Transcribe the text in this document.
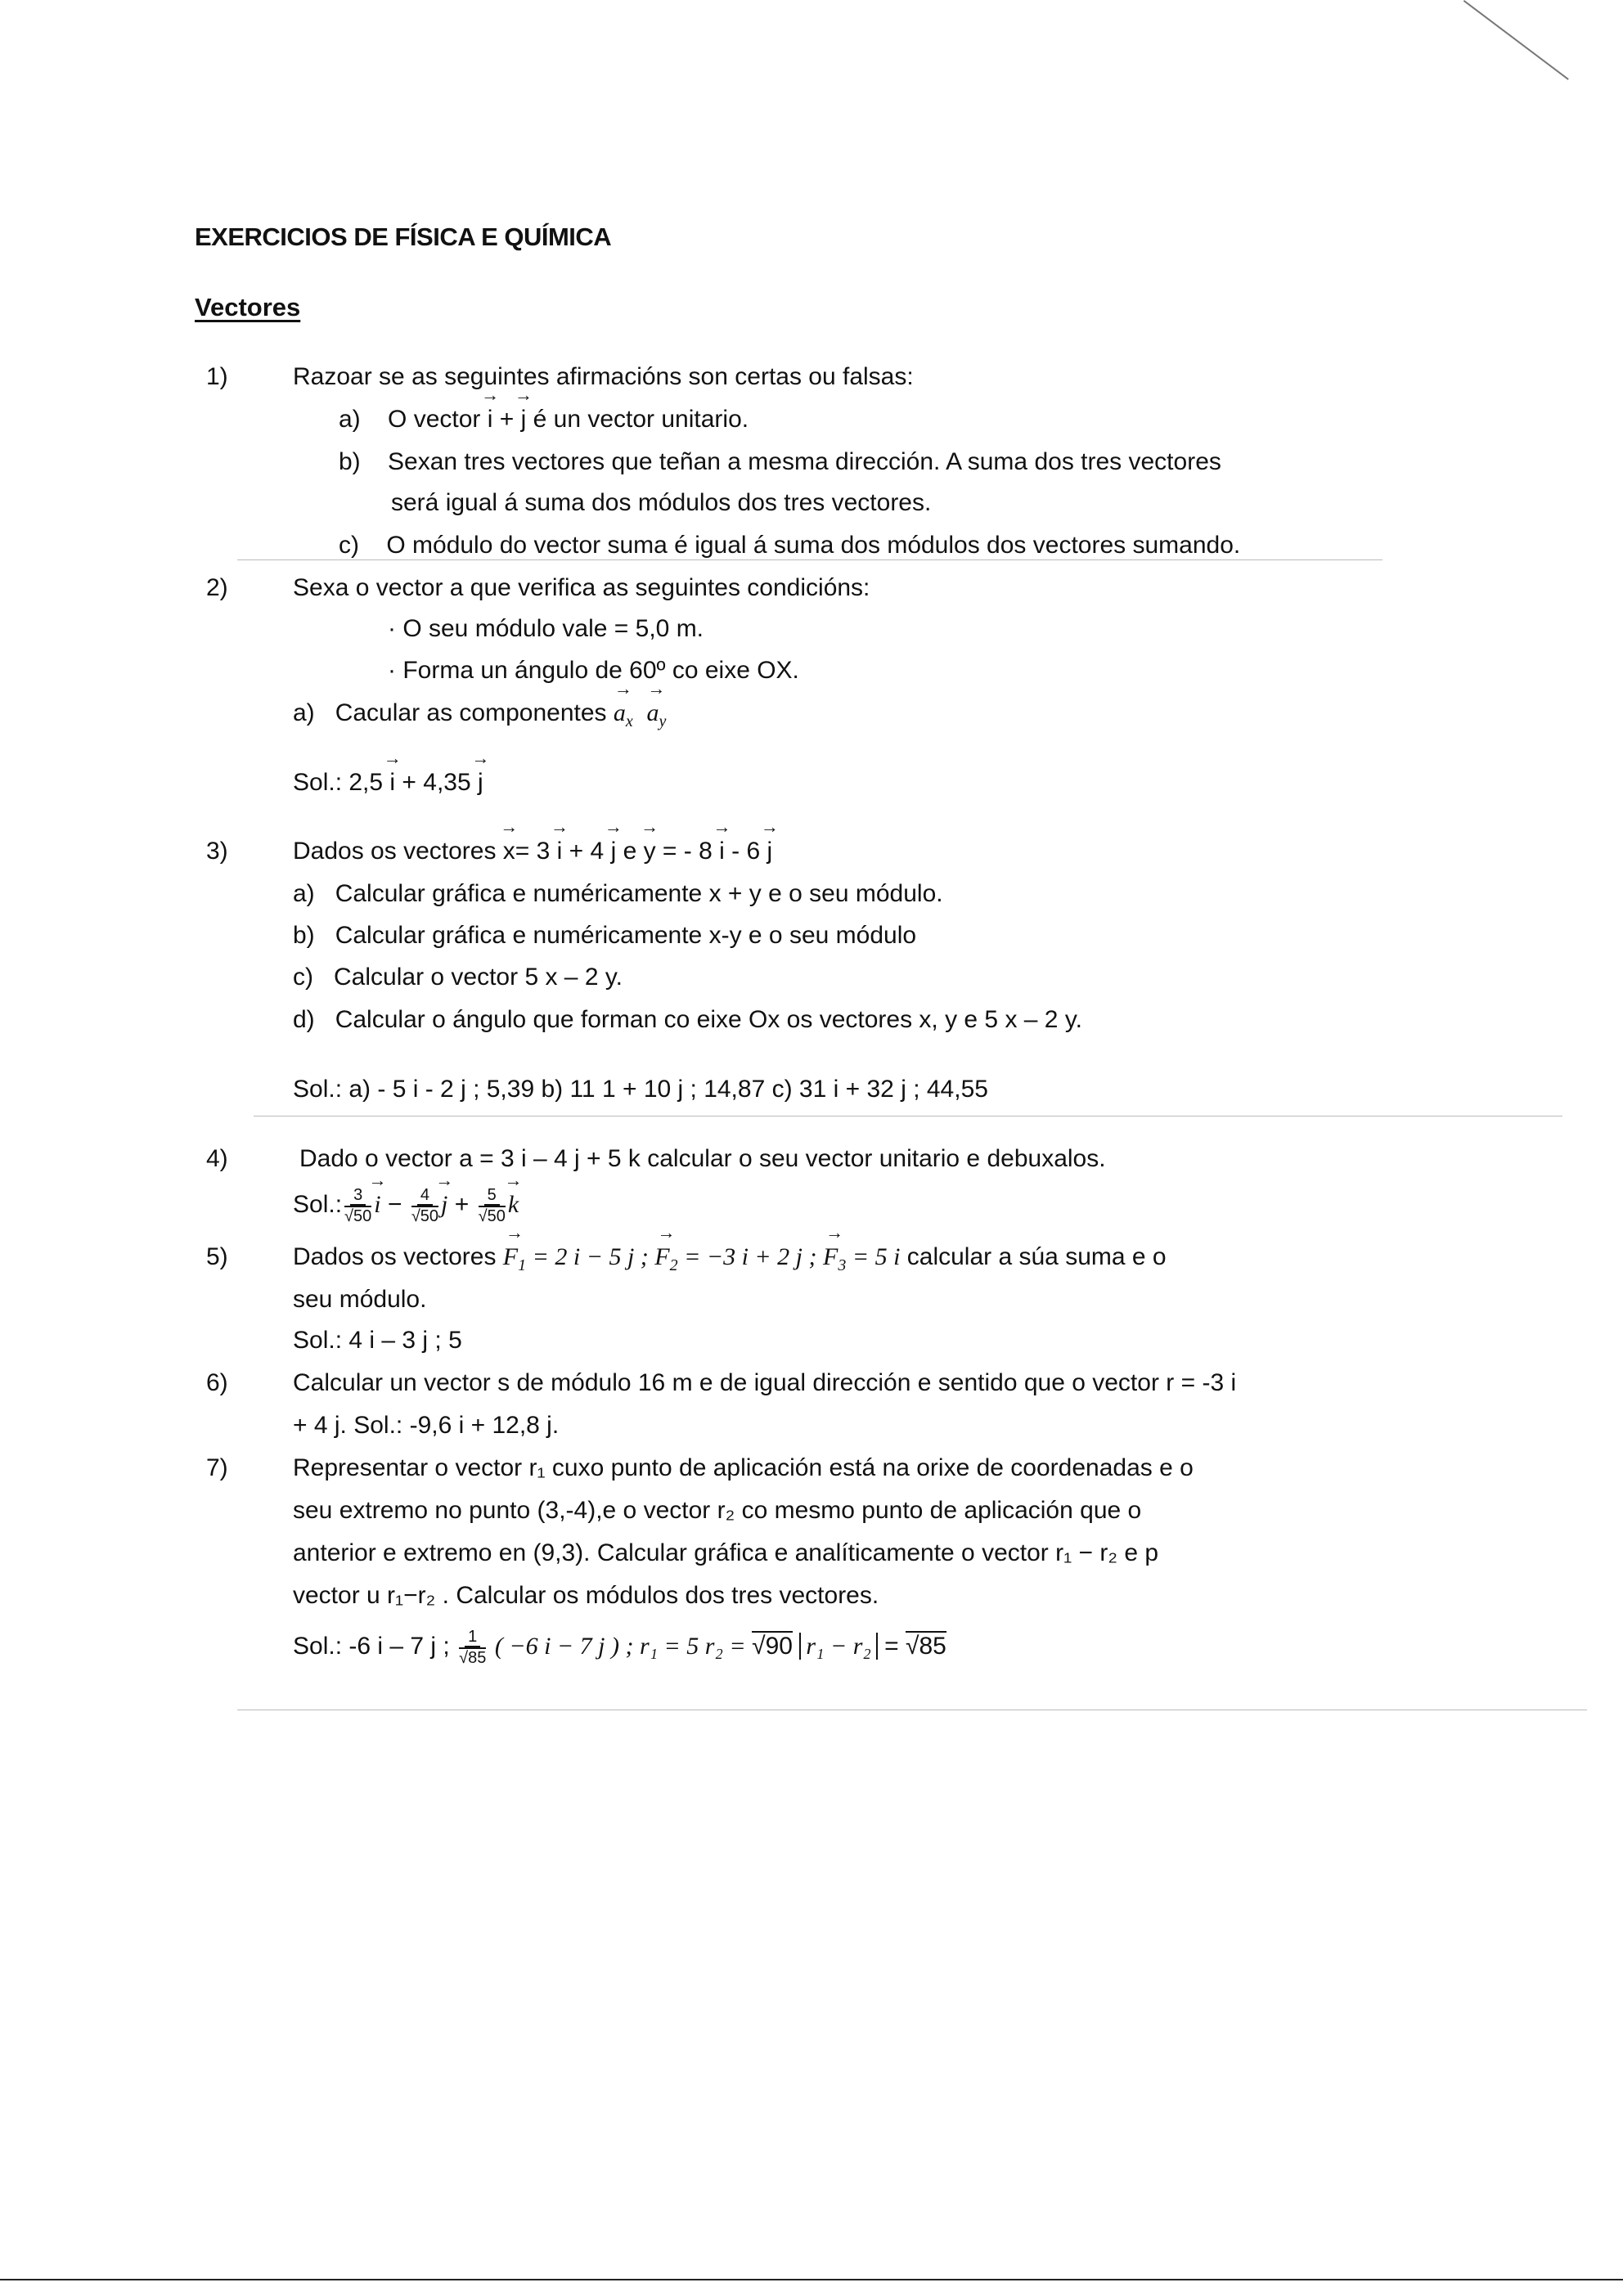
EXERCICIOS DE FÍSICA E QUÍMICA
Vectores
1)	Razoar se as seguintes afirmacións son certas ou falsas:
a) O vector → i + → j é un vector unitario.
b) Sexan tres vectores que teñan a mesma dirección. A suma dos tres vectores
será igual á suma dos módulos dos tres vectores.
c) O módulo do vector suma é igual á suma dos módulos dos vectores sumando.
2)	Sexa o vector a que verifica as seguintes condicións:
· O seu módulo vale = 5,0 m.
· Forma un ángulo de 60º co eixe OX.
a) Cacular as componentes → $a_x \to a_y$
Sol.: 2,5 → i + 4,35 → j
3)	Dados os vectores → x= 3 → i + 4 → j e → y = - 8 → i - 6 → j
a) Calcular gráfica e numéricamente x + y e o seu módulo.
b) Calcular gráfica e numéricamente x-y e o seu módulo
c) Calcular o vector 5 x – 2 y.
d) Calcular o ángulo que forman co eixe Ox os vectores x, y e 5 x – 2 y.
Sol.: a) - 5 i - 2 j ; 5,39 b) 11 1 + 10 j ; 14,87 c) 31 i + 32 j ; 44,55
4)	Dado o vector a = 3 i – 4 j + 5 k calcular o seu vector unitario e debuxalos.
Sol.: $\frac{3}{√50} \to i - \frac{4}{√50} \to j + \frac{5}{√50} \to k$
5)	Dados os vectores → $F_1 = 2$ i − 5 j ; → $F_2 = -3$ i + 2 j ; → $F_3 = 5$ i calcular a súa suma e o
seu módulo.
Sol.: 4 i – 3 j ; 5
6)	Calcular un vector s de módulo 16 m e de igual dirección e sentido que o vector r = -3 i
+ 4 j. Sol.: -9,6 i + 12,8 j.
7)	Representar o vector r₁ cuxo punto de aplicación está na orixe de coordenadas e o
seu extremo no punto (3,-4),e o vector r₂ co mesmo punto de aplicación que o
anterior e extremo en (9,3). Calcular gráfica e analíticamente o vector r₁ − r₂ e p
vector u r₁−r₂ . Calcular os módulos dos tres vectores.
Sol.: -6 i – 7 j ; $\frac{1}{√85}$ ( −6 i − 7 j ) ; r₁ = 5 r₂ = √90 r₁ − r₂ = √85
